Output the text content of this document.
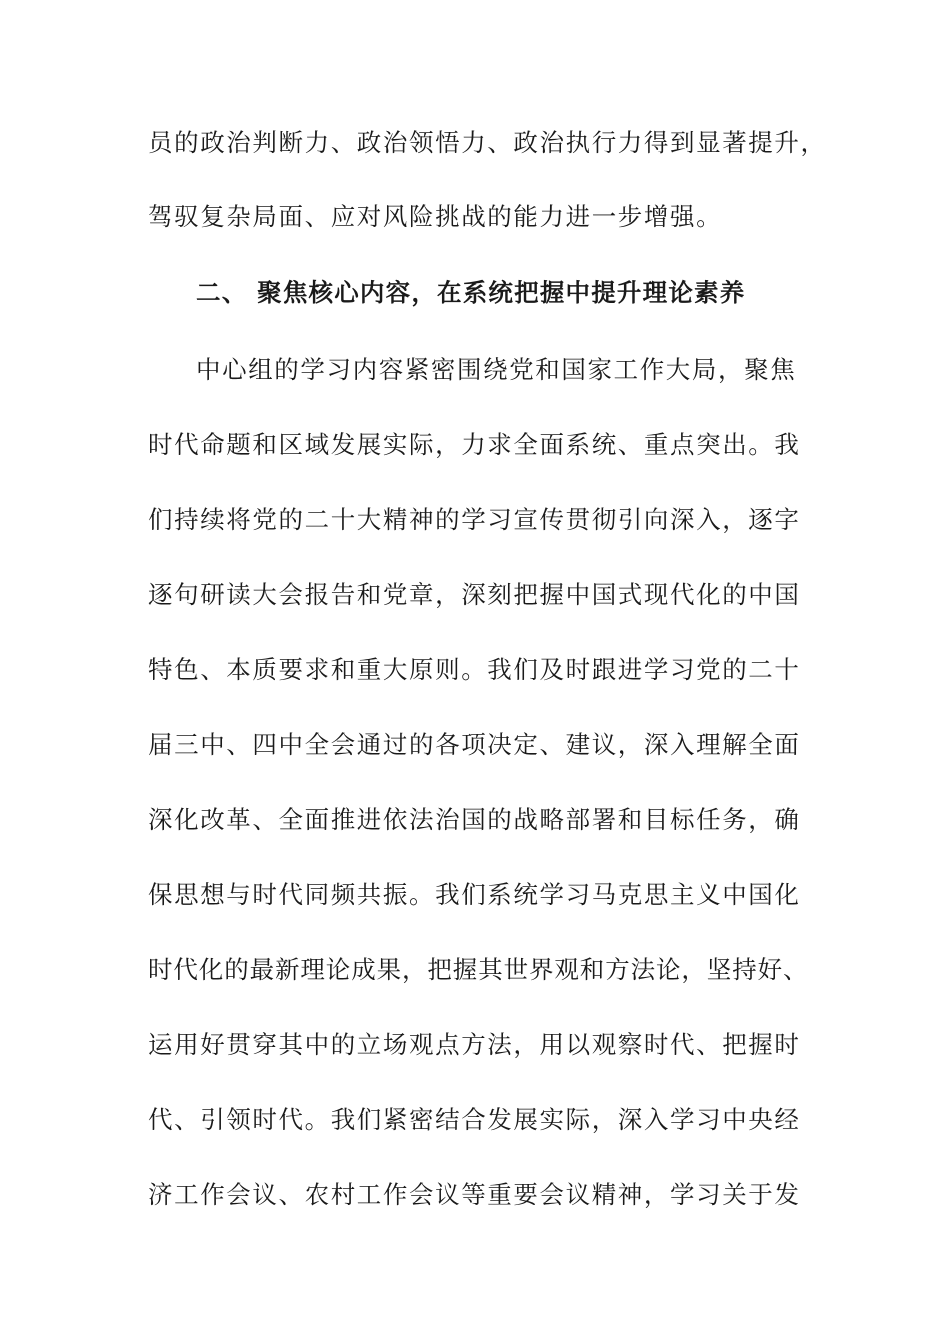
员的政治判断力、政治领悟力、政治执行力得到显著提升，
驾驭复杂局面、应对风险挑战的能力进一步增强。
二、 聚焦核心内容，在系统把握中提升理论素养
中心组的学习内容紧密围绕党和国家工作大局，聚焦
时代命题和区域发展实际，力求全面系统、重点突出。我
们持续将党的二十大精神的学习宣传贯彻引向深入，逐字
逐句研读大会报告和党章，深刻把握中国式现代化的中国
特色、本质要求和重大原则。我们及时跟进学习党的二十
届三中、四中全会通过的各项决定、建议，深入理解全面
深化改革、全面推进依法治国的战略部署和目标任务，确
保思想与时代同频共振。我们系统学习马克思主义中国化
时代化的最新理论成果，把握其世界观和方法论，坚持好、
运用好贯穿其中的立场观点方法，用以观察时代、把握时
代、引领时代。我们紧密结合发展实际，深入学习中央经
济工作会议、农村工作会议等重要会议精神，学习关于发
